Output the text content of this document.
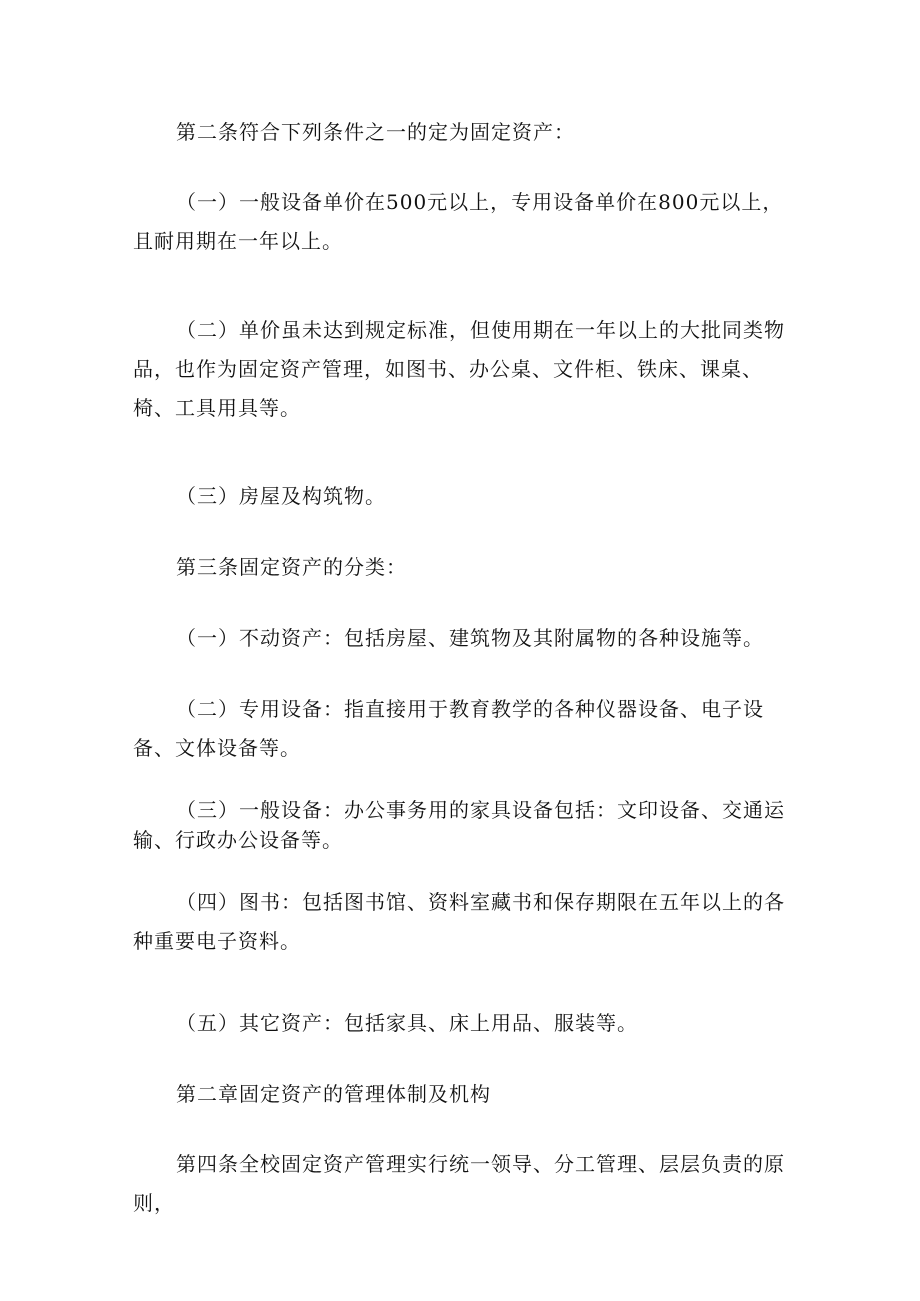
第二条符合下列条件之一的定为固定资产：

（一）一般设备单价在500元以上，专用设备单价在800元以上，且耐用期在一年以上。

（二）单价虽未达到规定标准，但使用期在一年以上的大批同类物品，也作为固定资产管理，如图书、办公桌、文件柜、铁床、课桌、椅、工具用具等。

（三）房屋及构筑物。

第三条固定资产的分类：

（一）不动资产：包括房屋、建筑物及其附属物的各种设施等。

（二）专用设备：指直接用于教育教学的各种仪器设备、电子设备、文体设备等。

（三）一般设备：办公事务用的家具设备包括：文印设备、交通运输、行政办公设备等。

（四）图书：包括图书馆、资料室藏书和保存期限在五年以上的各种重要电子资料。

（五）其它资产：包括家具、床上用品、服装等。

第二章固定资产的管理体制及机构

第四条全校固定资产管理实行统一领导、分工管理、层层负责的原则，
